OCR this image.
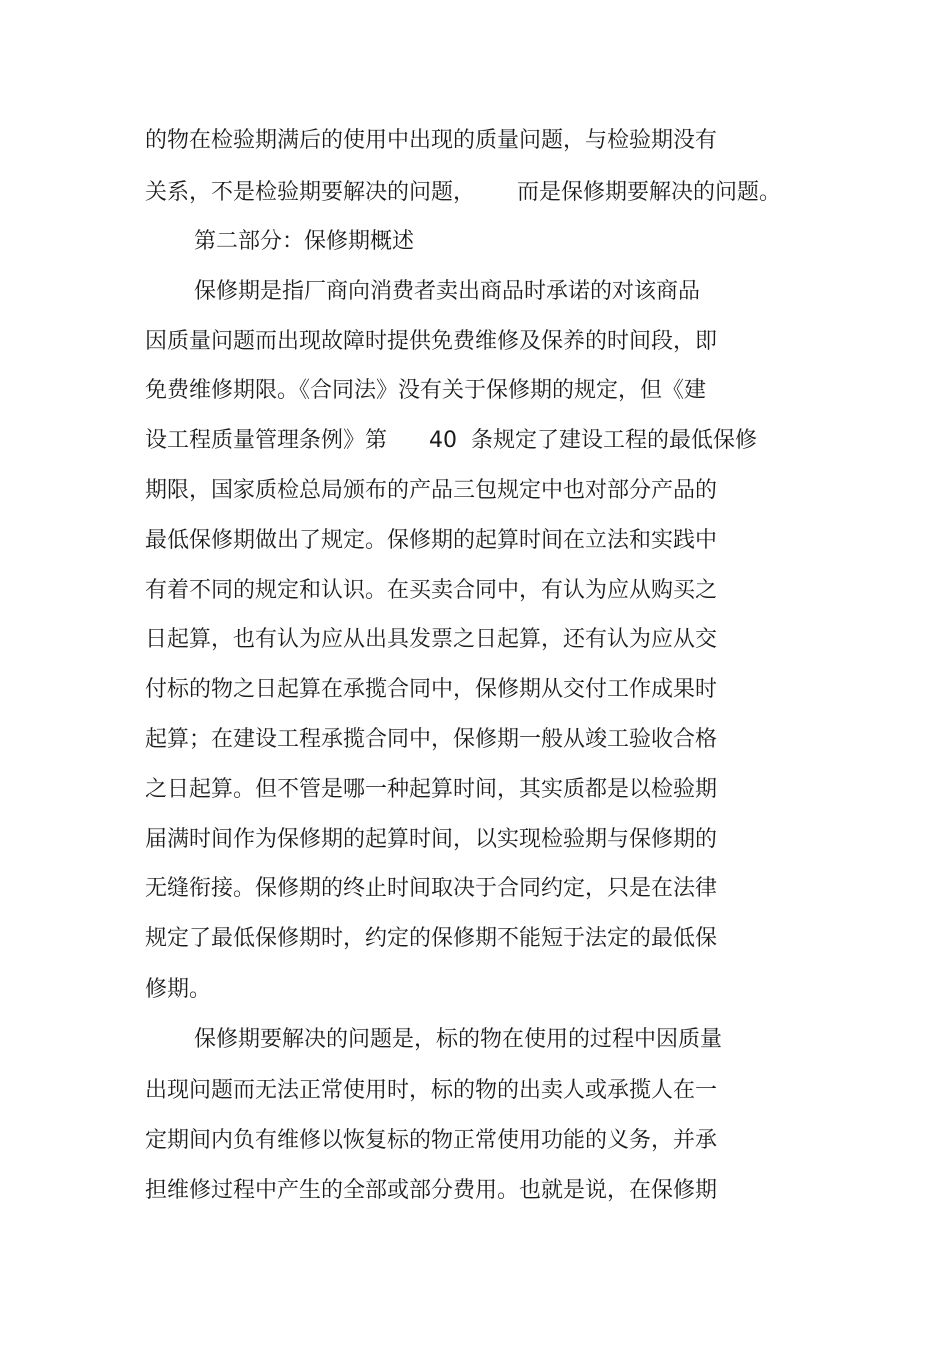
的物在检验期满后的使用中出现的质量问题，与检验期没有
关系，不是检验期要解决的问题，      而是保修期要解决的问题。
第二部分：保修期概述
保修期是指厂商向消费者卖出商品时承诺的对该商品
因质量问题而出现故障时提供免费维修及保养的时间段，即
免费维修期限。《合同法》没有关于保修期的规定，但《建
设工程质量管理条例》第      40  条规定了建设工程的最低保修
期限，国家质检总局颁布的产品三包规定中也对部分产品的
最低保修期做出了规定。保修期的起算时间在立法和实践中
有着不同的规定和认识。在买卖合同中，有认为应从购买之
日起算，也有认为应从出具发票之日起算，还有认为应从交
付标的物之日起算在承揽合同中，保修期从交付工作成果时
起算；在建设工程承揽合同中，保修期一般从竣工验收合格
之日起算。但不管是哪一种起算时间，其实质都是以检验期
届满时间作为保修期的起算时间，以实现检验期与保修期的
无缝衔接。保修期的终止时间取决于合同约定，只是在法律
规定了最低保修期时，约定的保修期不能短于法定的最低保
修期。
保修期要解决的问题是，标的物在使用的过程中因质量
出现问题而无法正常使用时，标的物的出卖人或承揽人在一
定期间内负有维修以恢复标的物正常使用功能的义务，并承
担维修过程中产生的全部或部分费用。也就是说，在保修期
